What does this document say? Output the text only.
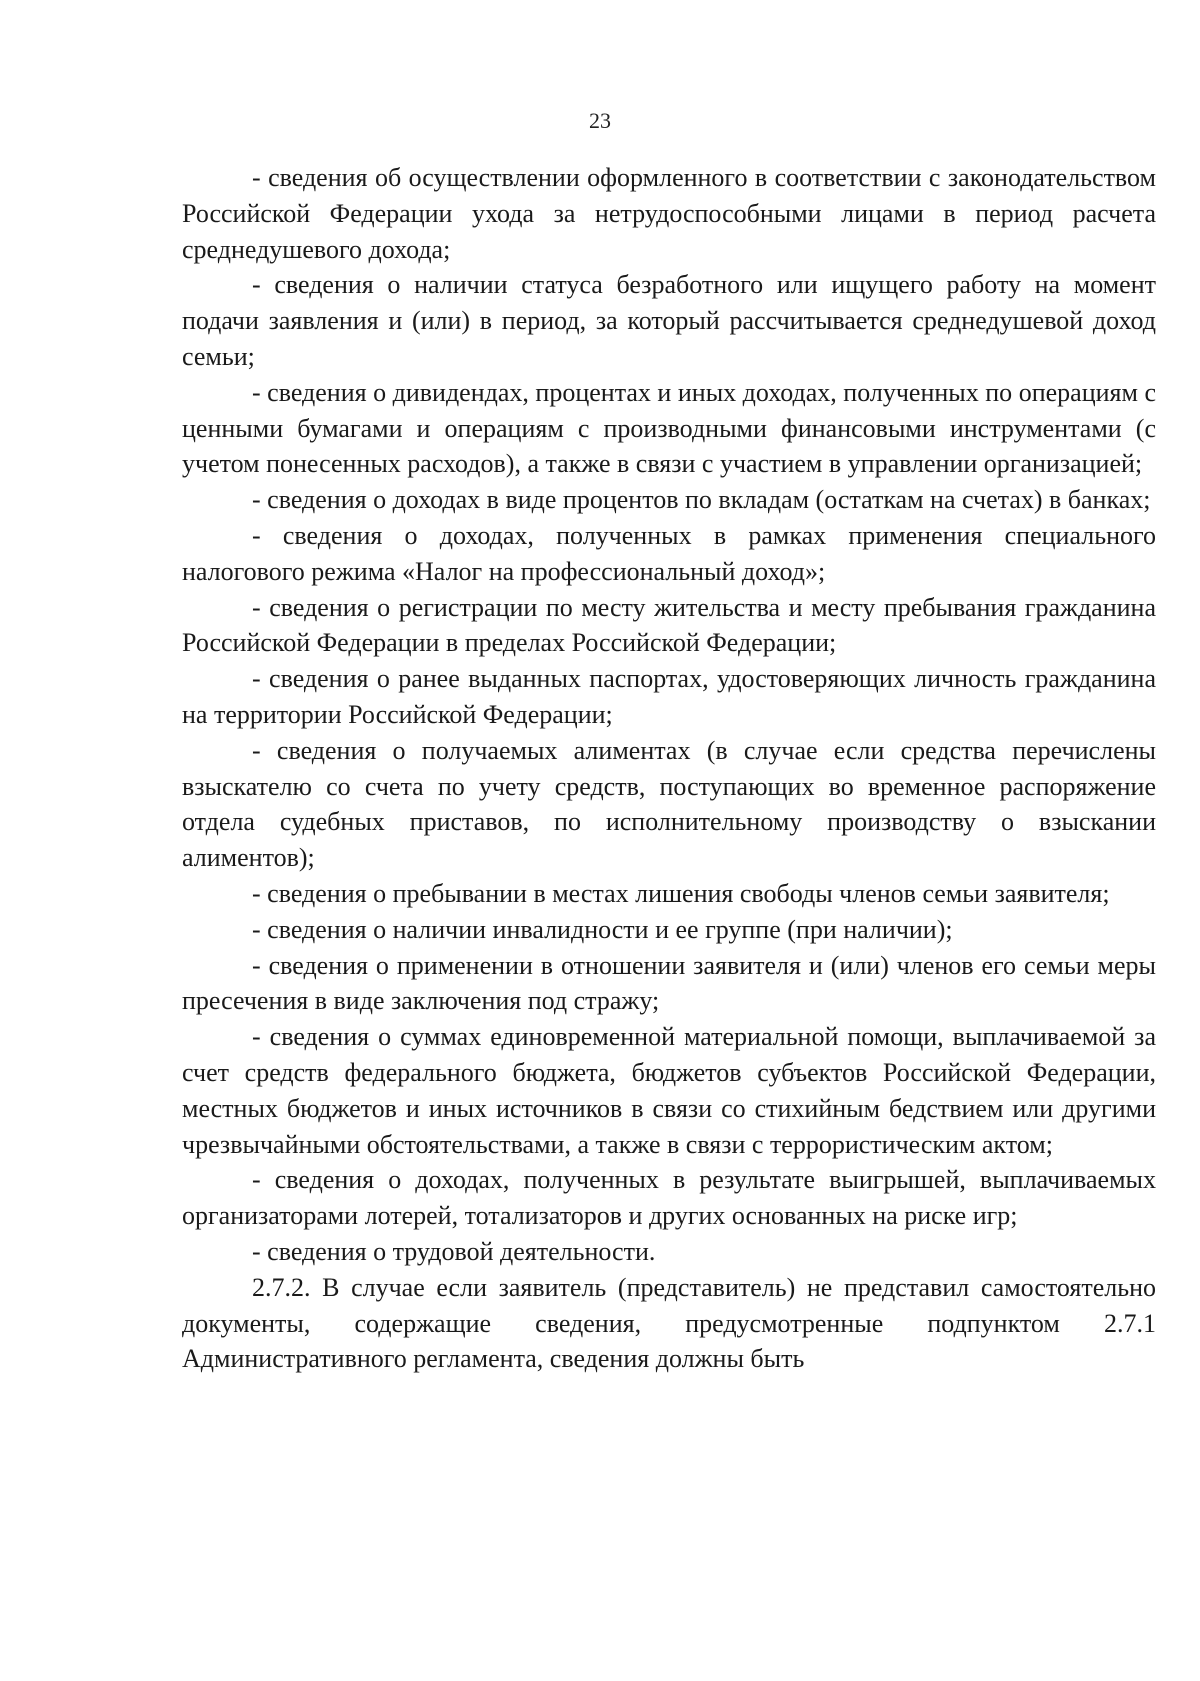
23

- сведения об осуществлении оформленного в соответствии с законодательством Российской Федерации ухода за нетрудоспособными лицами в период расчета среднедушевого дохода;

- сведения о наличии статуса безработного или ищущего работу на момент подачи заявления и (или) в период, за который рассчитывается среднедушевой доход семьи;

- сведения о дивидендах, процентах и иных доходах, полученных по операциям с ценными бумагами и операциям с производными финансовыми инструментами (с учетом понесенных расходов), а также в связи с участием в управлении организацией;

- сведения о доходах в виде процентов по вкладам (остаткам на счетах) в банках;

- сведения о доходах, полученных в рамках применения специального налогового режима «Налог на профессиональный доход»;

- сведения о регистрации по месту жительства и месту пребывания гражданина Российской Федерации в пределах Российской Федерации;

- сведения о ранее выданных паспортах, удостоверяющих личность гражданина на территории Российской Федерации;

- сведения о получаемых алиментах (в случае если средства перечислены взыскателю со счета по учету средств, поступающих во временное распоряжение отдела судебных приставов, по исполнительному производству о взыскании алиментов);

- сведения о пребывании в местах лишения свободы членов семьи заявителя;

- сведения о наличии инвалидности и ее группе (при наличии);

- сведения о применении в отношении заявителя и (или) членов его семьи меры пресечения в виде заключения под стражу;

- сведения о суммах единовременной материальной помощи, выплачиваемой за счет средств федерального бюджета, бюджетов субъектов Российской Федерации, местных бюджетов и иных источников в связи со стихийным бедствием или другими чрезвычайными обстоятельствами, а также в связи с террористическим актом;

- сведения о доходах, полученных в результате выигрышей, выплачиваемых организаторами лотерей, тотализаторов и других основанных на риске игр;

- сведения о трудовой деятельности.

2.7.2. В случае если заявитель (представитель) не представил самостоятельно документы, содержащие сведения, предусмотренные подпунктом 2.7.1 Административного регламента, сведения должны быть
